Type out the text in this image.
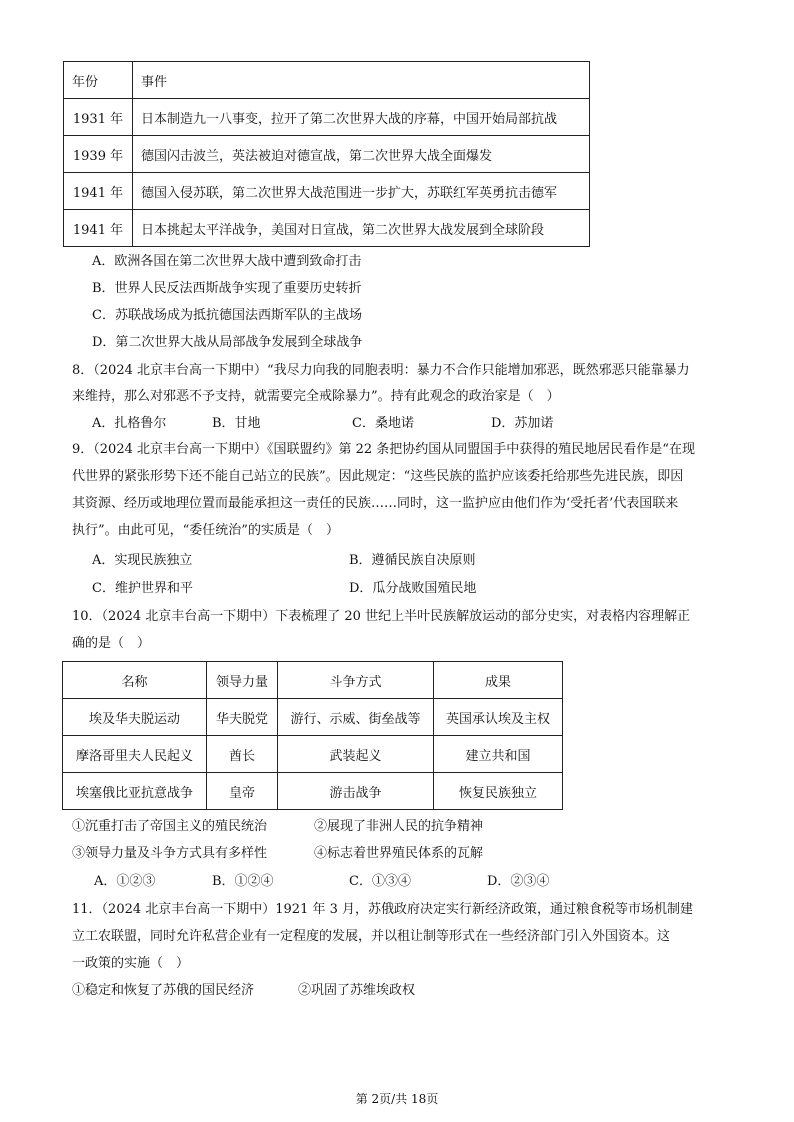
年份	事件
1931 年	日本制造九一八事变，拉开了第二次世界大战的序幕，中国开始局部抗战
1939 年	德国闪击波兰，英法被迫对德宣战，第二次世界大战全面爆发
1941 年	德国入侵苏联，第二次世界大战范围进一步扩大，苏联红军英勇抗击德军
1941 年	日本挑起太平洋战争，美国对日宣战，第二次世界大战发展到全球阶段
A．欧洲各国在第二次世界大战中遭到致命打击
B．世界人民反法西斯战争实现了重要历史转折
C．苏联战场成为抵抗德国法西斯军队的主战场
D．第二次世界大战从局部战争发展到全球战争
8．（2024 北京丰台高一下期中）“我尽力向我的同胞表明：暴力不合作只能增加邪恶，既然邪恶只能靠暴力
来维持，那么对邪恶不予支持，就需要完全戒除暴力”。持有此观念的政治家是（　）
A．扎格鲁尔	B．甘地	C．桑地诺	D．苏加诺
9．（2024 北京丰台高一下期中）《国联盟约》第 22 条把协约国从同盟国手中获得的殖民地居民看作是“在现
代世界的紧张形势下还不能自己站立的民族”。因此规定：“这些民族的监护应该委托给那些先进民族，即因
其资源、经历或地理位置而最能承担这一责任的民族……同时，这一监护应由他们作为‘受托者’代表国联来
执行”。由此可见，“委任统治”的实质是（　）
A．实现民族独立	B．遵循民族自决原则
C．维护世界和平	D．瓜分战败国殖民地
10．（2024 北京丰台高一下期中）下表梳理了 20 世纪上半叶民族解放运动的部分史实，对表格内容理解正
确的是（　）
名称	领导力量	斗争方式	成果
埃及华夫脱运动	华夫脱党	游行、示威、街垒战等	英国承认埃及主权
摩洛哥里夫人民起义	酋长	武装起义	建立共和国
埃塞俄比亚抗意战争	皇帝	游击战争	恢复民族独立
①沉重打击了帝国主义的殖民统治	②展现了非洲人民的抗争精神
③领导力量及斗争方式具有多样性	④标志着世界殖民体系的瓦解
A．①②③	B．①②④	C．①③④	D．②③④
11．（2024 北京丰台高一下期中）1921 年 3 月，苏俄政府决定实行新经济政策，通过粮食税等市场机制建
立工农联盟，同时允许私营企业有一定程度的发展，并以租让制等形式在一些经济部门引入外国资本。这
一政策的实施（　）
①稳定和恢复了苏俄的国民经济	②巩固了苏维埃政权
第 2页/共 18页
